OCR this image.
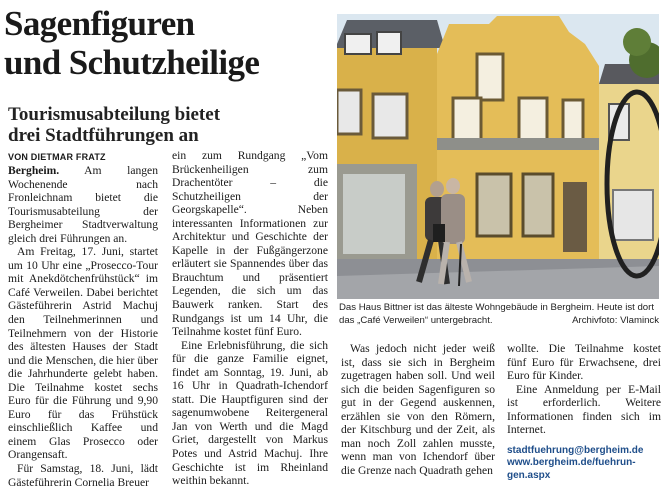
Sagenfiguren
und Schutzheilige
Tourismusabteilung bietet
drei Stadtführungen an
VON DIETMAR FRATZ

Bergheim. Am langen Wochenende nach Fronleichnam bietet die Tourismusabteilung der Bergheimer Stadtverwaltung gleich drei Führungen an.

Am Freitag, 17. Juni, startet um 10 Uhr eine „Prosecco-Tour mit Anekdötchenfrühstück“ im Café Verweilen. Dabei berichtet Gästeführerin Astrid Machuj den Teilnehmerinnen und Teilnehmern von der Historie des ältesten Hauses der Stadt und die Menschen, die hier über die Jahrhunderte gelebt haben. Die Teilnahme kostet sechs Euro für die Führung und 9,90 Euro für das Frühstück einschließlich Kaffee und einem Glas Prosecco oder Orangensaft.

Für Samstag, 18. Juni, lädt Gästeführerin Cornelia Breuer

ein zum Rundgang „Vom Brückenheiligen zum Drachentöter – die Schutzheiligen der Georgskapelle“. Neben interessanten Informationen zur Architektur und Geschichte der Kapelle in der Fußgängerzone erläutert sie Spannendes über das Brauchtum und präsentiert Legenden, die sich um das Bauwerk ranken. Start des Rundgangs ist um 14 Uhr, die Teilnahme kostet fünf Euro.

Eine Erlebnisführung, die sich für die ganze Familie eignet, findet am Sonntag, 19. Juni, ab 16 Uhr in Quadrath-Ichendorf statt. Die Hauptfiguren sind der sagenumwobene Reitergeneral Jan von Werth und die Magd Griet, dargestellt von Markus Potes und Astrid Machuj. Ihre Geschichte ist im Rheinland weithin bekannt.

Das Haus Bittner ist das älteste Wohngebäude in Bergheim. Heute ist dort das „Café Verweilen“ untergebracht.	Archivfoto: Vlaminck

Was jedoch nicht jeder weiß ist, dass sie sich in Bergheim zugetragen haben soll. Und weil sich die beiden Sagenfiguren so gut in der Gegend auskennen, erzählen sie von den Römern, der Kitschburg und der Zeit, als man noch Zoll zahlen musste, wenn man von Ichendorf über die Grenze nach Quadrath gehen

wollte. Die Teilnahme kostet fünf Euro für Erwachsene, drei Euro für Kinder.

Eine Anmeldung per E-Mail ist erforderlich. Weitere Informationen finden sich im Internet.

stadtfuehrung@bergheim.de
www.bergheim.de/fuehrun-
gen.aspx
